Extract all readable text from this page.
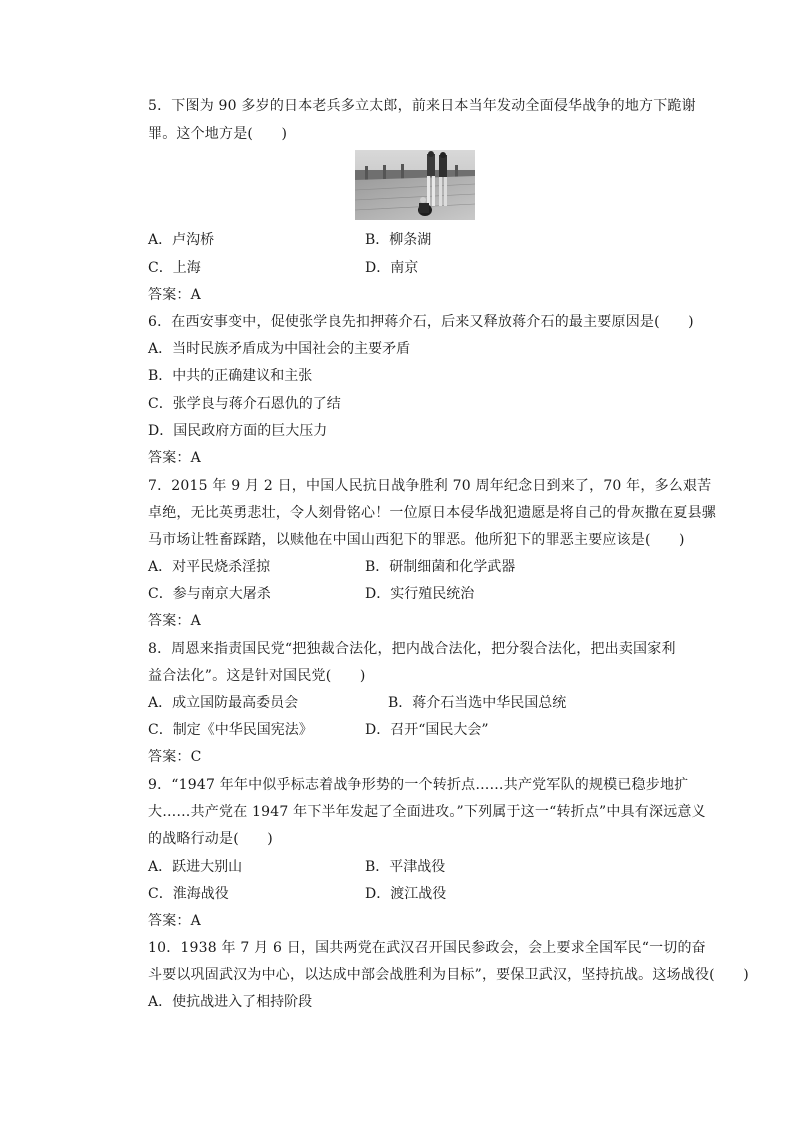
5．下图为 90 多岁的日本老兵多立太郎，前来日本当年发动全面侵华战争的地方下跪谢
罪。这个地方是(　　)
A．卢沟桥	B．柳条湖
C．上海	D．南京
答案：A
6．在西安事变中，促使张学良先扣押蒋介石，后来又释放蒋介石的最主要原因是(　　)
A．当时民族矛盾成为中国社会的主要矛盾
B．中共的正确建议和主张
C．张学良与蒋介石恩仇的了结
D．国民政府方面的巨大压力
答案：A
7．2015 年 9 月 2 日，中国人民抗日战争胜利 70 周年纪念日到来了，70 年，多么艰苦
卓绝，无比英勇悲壮，令人刻骨铭心！一位原日本侵华战犯遗愿是将自己的骨灰撒在夏县骡
马市场让牲畜踩踏，以赎他在中国山西犯下的罪恶。他所犯下的罪恶主要应该是(　　)
A．对平民烧杀淫掠	B．研制细菌和化学武器
C．参与南京大屠杀	D．实行殖民统治
答案：A
8．周恩来指责国民党“把独裁合法化，把内战合法化，把分裂合法化，把出卖国家利
益合法化”。这是针对国民党(　　)
A．成立国防最高委员会	B．蒋介石当选中华民国总统
C．制定《中华民国宪法》	D．召开“国民大会”
答案：C
9．“1947 年年中似乎标志着战争形势的一个转折点……共产党军队的规模已稳步地扩
大……共产党在 1947 年下半年发起了全面进攻。”下列属于这一“转折点”中具有深远意义
的战略行动是(　　)
A．跃进大别山	B．平津战役
C．淮海战役	D．渡江战役
答案：A
10．1938 年 7 月 6 日，国共两党在武汉召开国民参政会，会上要求全国军民“一切的奋
斗要以巩固武汉为中心，以达成中部会战胜利为目标”，要保卫武汉，坚持抗战。这场战役(　　)
A．使抗战进入了相持阶段
